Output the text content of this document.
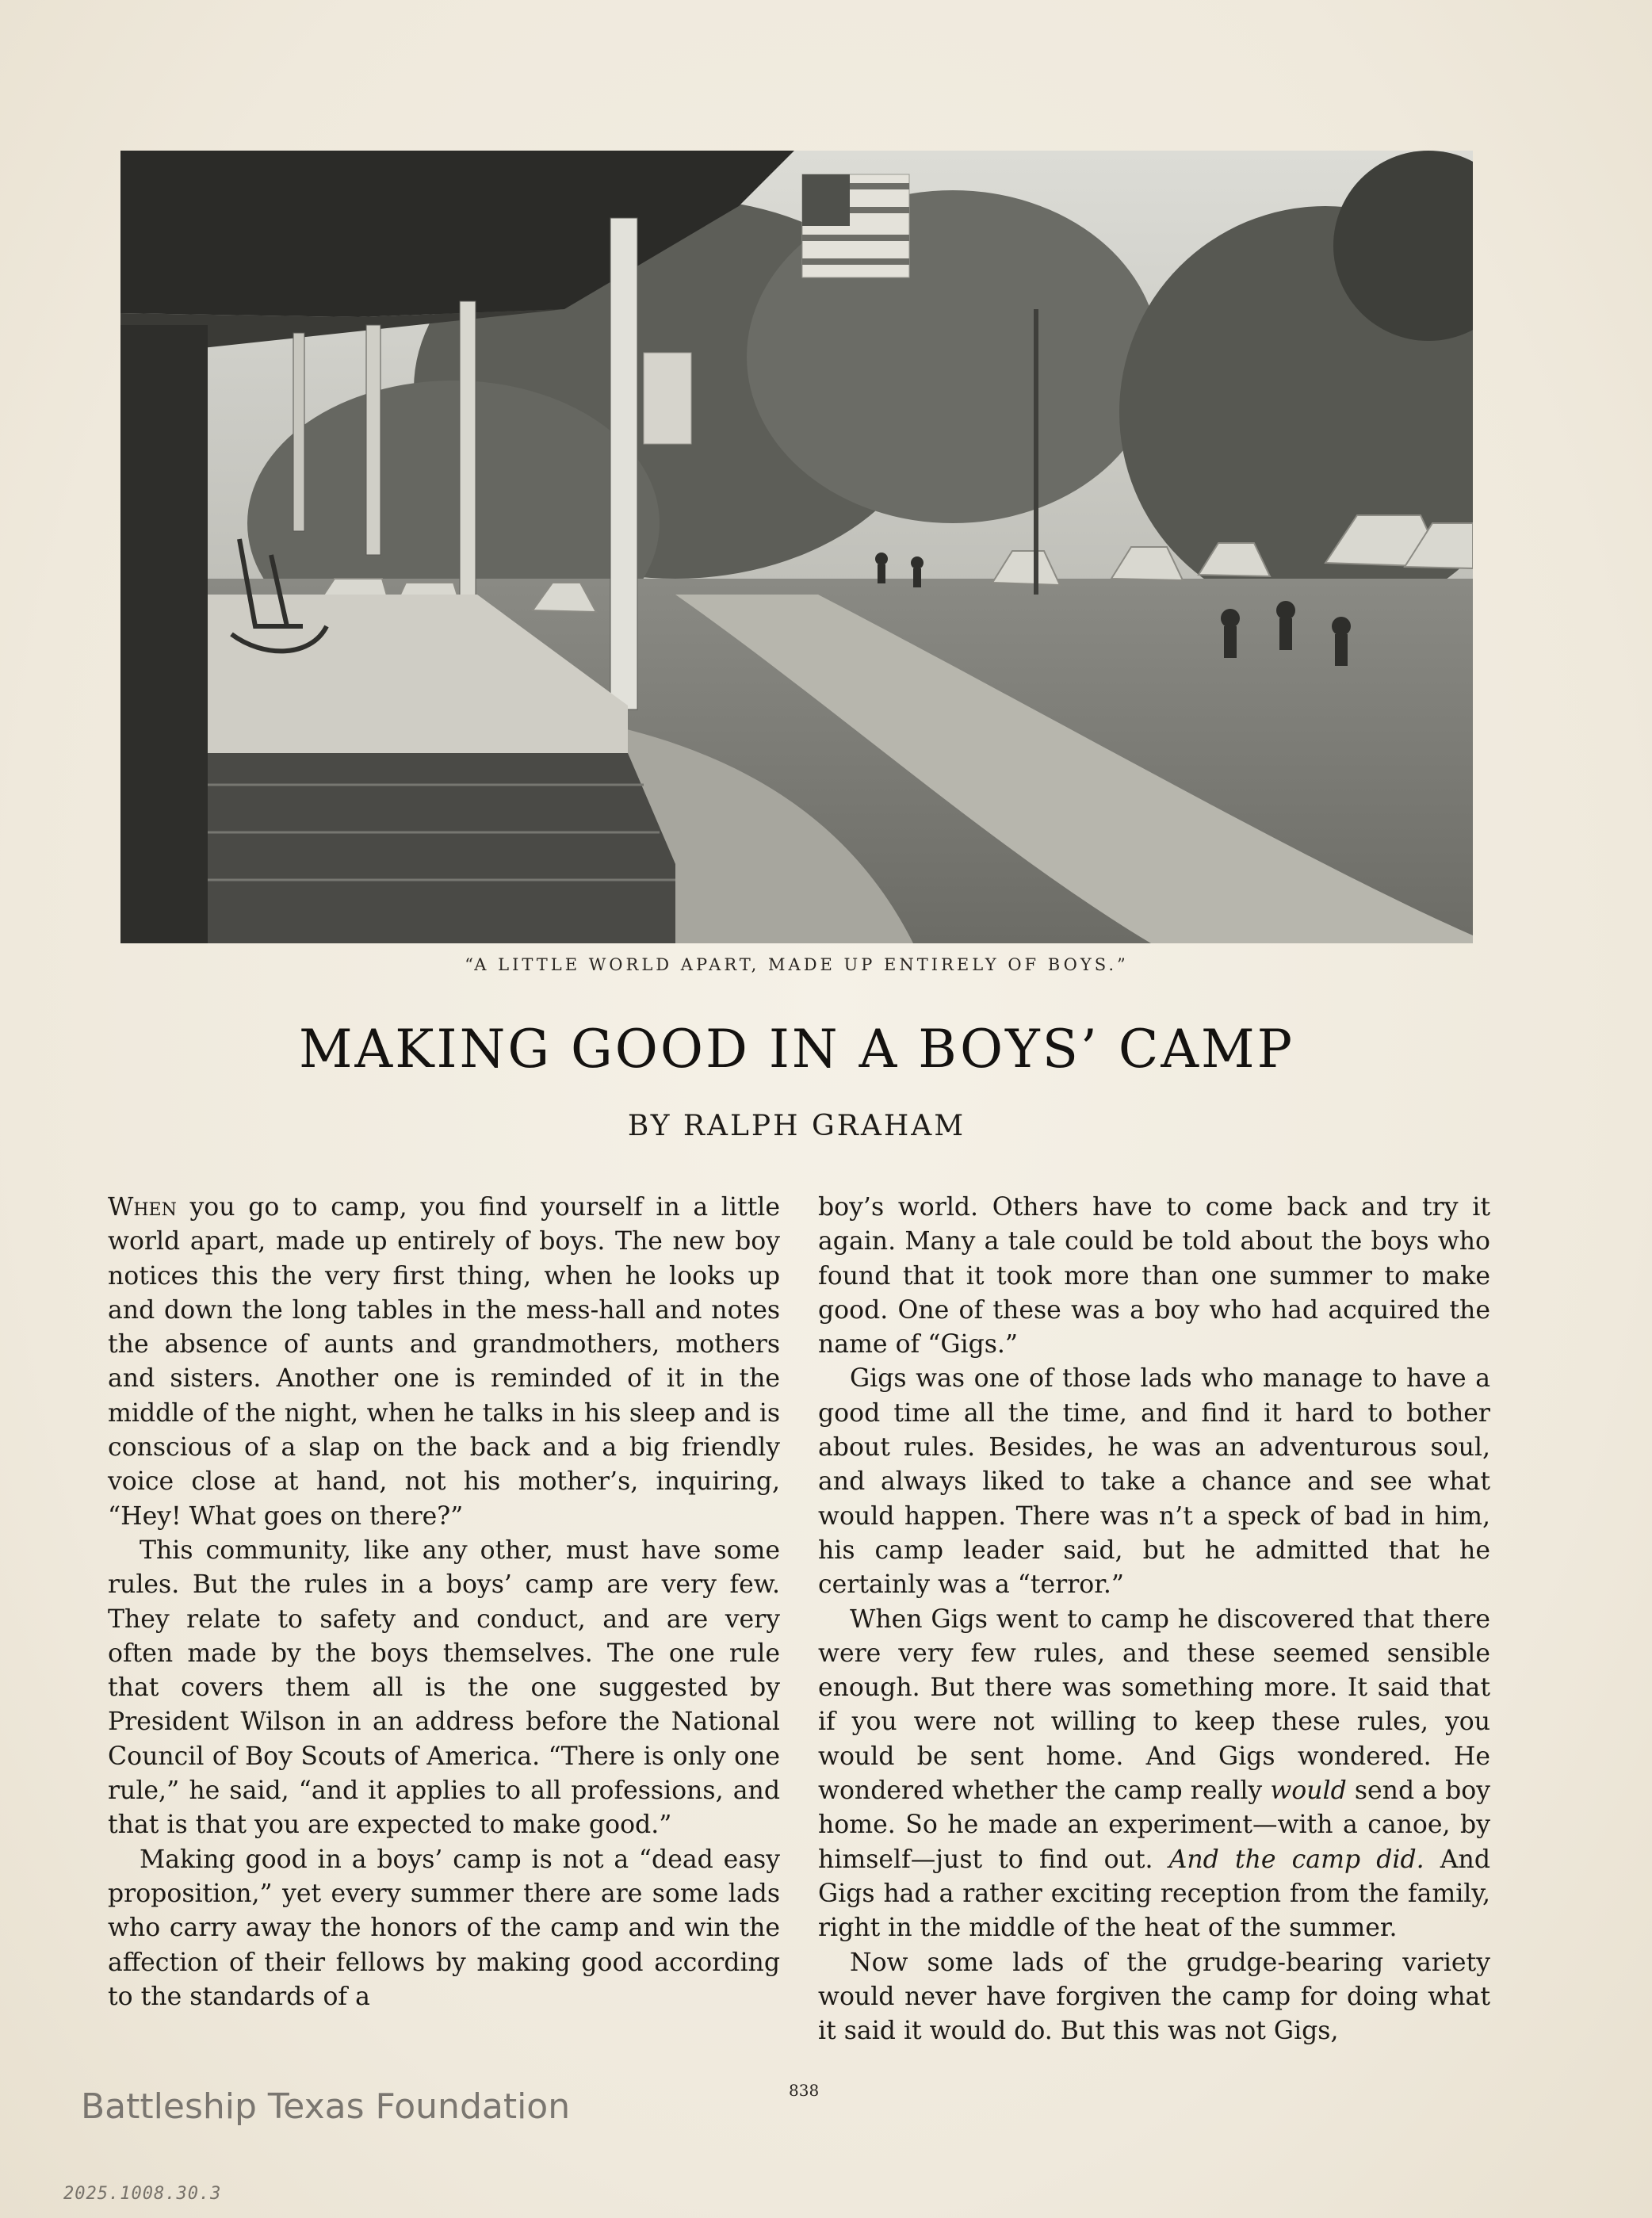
“A LITTLE WORLD APART, MADE UP ENTIRELY OF BOYS.”
MAKING GOOD IN A BOYS’ CAMP
BY RALPH GRAHAM

When you go to camp, you find yourself in a little world apart, made up entirely of boys. The new boy notices this the very first thing, when he looks up and down the long tables in the mess-hall and notes the absence of aunts and grandmothers, mothers and sisters. Another one is reminded of it in the middle of the night, when he talks in his sleep and is conscious of a slap on the back and a big friendly voice close at hand, not his mother’s, inquiring, “Hey! What goes on there?”

This community, like any other, must have some rules. But the rules in a boys’ camp are very few. They relate to safety and conduct, and are very often made by the boys themselves. The one rule that covers them all is the one suggested by President Wilson in an address before the National Council of Boy Scouts of America. “There is only one rule,” he said, “and it applies to all professions, and that is that you are expected to make good.”

Making good in a boys’ camp is not a “dead easy proposition,” yet every summer there are some lads who carry away the honors of the camp and win the affection of their fellows by making good according to the standards of a

boy’s world. Others have to come back and try it again. Many a tale could be told about the boys who found that it took more than one summer to make good. One of these was a boy who had acquired the name of “Gigs.”

Gigs was one of those lads who manage to have a good time all the time, and find it hard to bother about rules. Besides, he was an adventurous soul, and always liked to take a chance and see what would happen. There was n’t a speck of bad in him, his camp leader said, but he admitted that he certainly was a “terror.”

When Gigs went to camp he discovered that there were very few rules, and these seemed sensible enough. But there was something more. It said that if you were not willing to keep these rules, you would be sent home. And Gigs wondered. He wondered whether the camp really would send a boy home. So he made an experiment—with a canoe, by himself—just to find out. And the camp did. And Gigs had a rather exciting reception from the family, right in the middle of the heat of the summer.

Now some lads of the grudge-bearing variety would never have forgiven the camp for doing what it said it would do. But this was not Gigs,

838
Battleship Texas Foundation
2025.1008.30.3
